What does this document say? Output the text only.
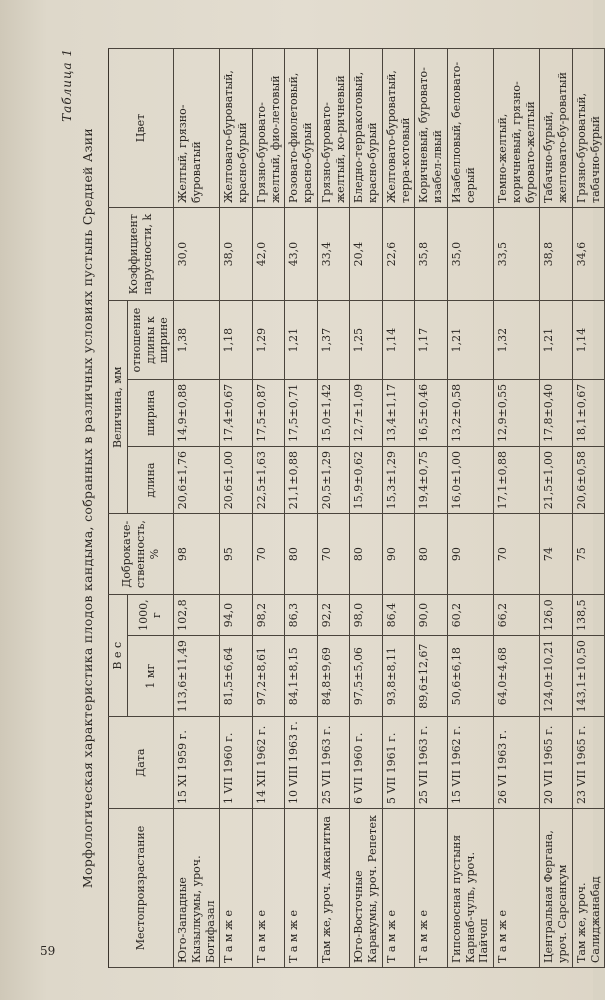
Таблица 1
Морфологическая характеристика плодов кандыма, собранных в различных условиях пустынь Средней Азии	Местопроизрастание	Дата	В е с		Доброкаче-ственность, %	Величина, мм			Коэффициент парусности, k	Цвет
		1 мг	1000, г		длина	ширина	отношение длины к ширине		
Юго-Западные Кызылкумы, уроч. Богифазал	15 XI 1959 г.	113,6±11,49	102,8	98	20,6±1,76	14,9±0,88	1,38	30,0	Желтый, грязно-буроватый
Т а м ж е	1 VII 1960 г.	81,5±6,64	94,0	95	20,6±1,00	17,4±0,67	1,18	38,0	Желтовато-буроватый, красно-бурый
Т а м ж е	14 XII 1962 г.	97,2±8,61	98,2	70	22,5±1,63	17,5±0,87	1,29	42,0	Грязно-буровато-желтый, фио-летовый
Т а м ж е	10 VIII 1963 г.	84,1±8,15	86,3	80	21,1±0,88	17,5±0,71	1,21	43,0	Розовато-фиолетовый, красно-бурый
Там же, уроч. Аякагитма	25 VII 1963 г.	84,8±9,69	92,2	70	20,5±1,29	15,0±1,42	1,37	33,4	Грязно-буровато-желтый, ко-ричневый
Юго-Восточные Каракумы, уроч. Репетек	6 VII 1960 г.	97,5±5,06	98,0	80	15,9±0,62	12,7±1,09	1,25	20,4	Бледно-терракотовый, красно-бурый
Т а м ж е	5 VII 1961 г.	93,8±8,11	86,4	90	15,3±1,29	13,4±1,17	1,14	22,6	Желтовато-буроватый, терра-котовый
Т а м ж е	25 VII 1963 г.	89,6±12,67	90,0	80	19,4±0,75	16,5±0,46	1,17	35,8	Коричневый, буровато-изабел-лвый
Гипсоносная пустыня Карнаб-чуль, уроч. Пайчоп	15 VII 1962 г.	50,6±6,18	60,2	90	16,0±1,00	13,2±0,58	1,21	35,0	Изабелловый, беловато-серый
Т а м ж е	26 VI 1963 г.	64,0±4,68	66,2	70	17,1±0,88	12,9±0,55	1,32	33,5	Темно-желтый, коричневый, грязно-буровато-желтый
Центральная Фергана, уроч. Сарсанкум	20 VII 1965 г.	124,0±10,21	126,0	74	21,5±1,00	17,8±0,40	1,21	38,8	Табачно-бурый, желтовато-бу-роватый
Там же, уроч. Салиджанабад	23 VII 1965 г.	143,1±10,50	138,5	75	20,6±0,58	18,1±0,67	1,14	34,6	Грязно-буроватый, табачно-бурый
59
